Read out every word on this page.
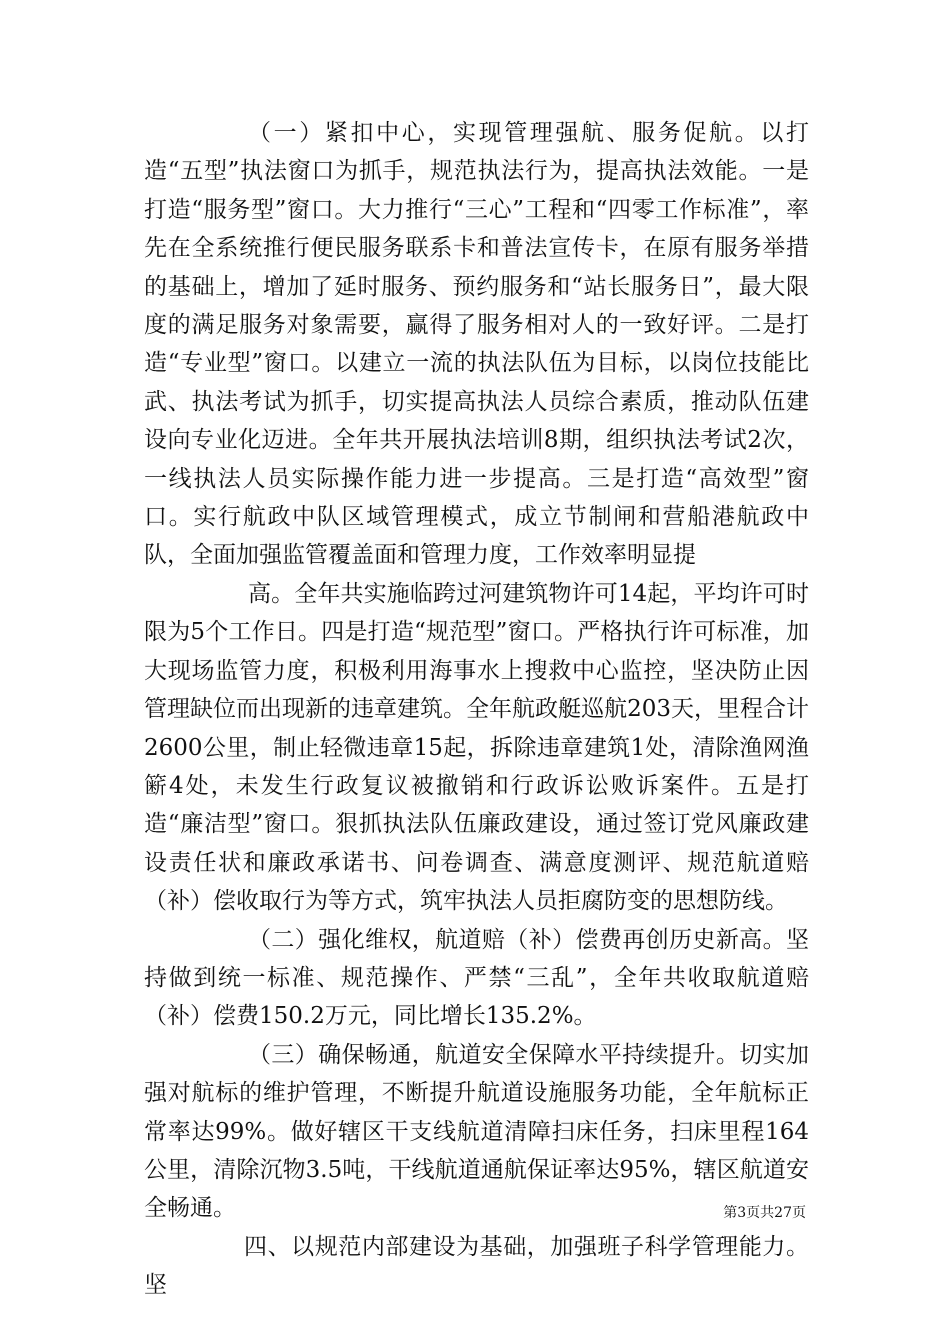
（一）紧扣中心，实现管理强航、服务促航。以打造“五型”执法窗口为抓手，规范执法行为，提高执法效能。一是打造“服务型”窗口。大力推行“三心”工程和“四零工作标准”，率先在全系统推行便民服务联系卡和普法宣传卡，在原有服务举措的基础上，增加了延时服务、预约服务和“站长服务日”，最大限度的满足服务对象需要，赢得了服务相对人的一致好评。二是打造“专业型”窗口。以建立一流的执法队伍为目标，以岗位技能比武、执法考试为抓手，切实提高执法人员综合素质，推动队伍建设向专业化迈进。全年共开展执法培训8期，组织执法考试2次，一线执法人员实际操作能力进一步提高。三是打造“高效型”窗口。实行航政中队区域管理模式，成立节制闸和营船港航政中队，全面加强监管覆盖面和管理力度，工作效率明显提

高。全年共实施临跨过河建筑物许可14起，平均许可时限为5个工作日。四是打造“规范型”窗口。严格执行许可标准，加大现场监管力度，积极利用海事水上搜救中心监控，坚决防止因管理缺位而出现新的违章建筑。全年航政艇巡航203天，里程合计2600公里，制止轻微违章15起，拆除违章建筑1处，清除渔网渔簖4处，未发生行政复议被撤销和行政诉讼败诉案件。五是打造“廉洁型”窗口。狠抓执法队伍廉政建设，通过签订党风廉政建设责任状和廉政承诺书、问卷调查、满意度测评、规范航道赔（补）偿收取行为等方式，筑牢执法人员拒腐防变的思想防线。

（二）强化维权，航道赔（补）偿费再创历史新高。坚持做到统一标准、规范操作、严禁“三乱”，全年共收取航道赔（补）偿费150.2万元，同比增长135.2%。

（三）确保畅通，航道安全保障水平持续提升。切实加强对航标的维护管理，不断提升航道设施服务功能，全年航标正常率达99%。做好辖区干支线航道清障扫床任务，扫床里程164公里，清除沉物3.5吨，干线航道通航保证率达95%，辖区航道安全畅通。

四、以规范内部建设为基础，加强班子科学管理能力。坚

第3页共27页
